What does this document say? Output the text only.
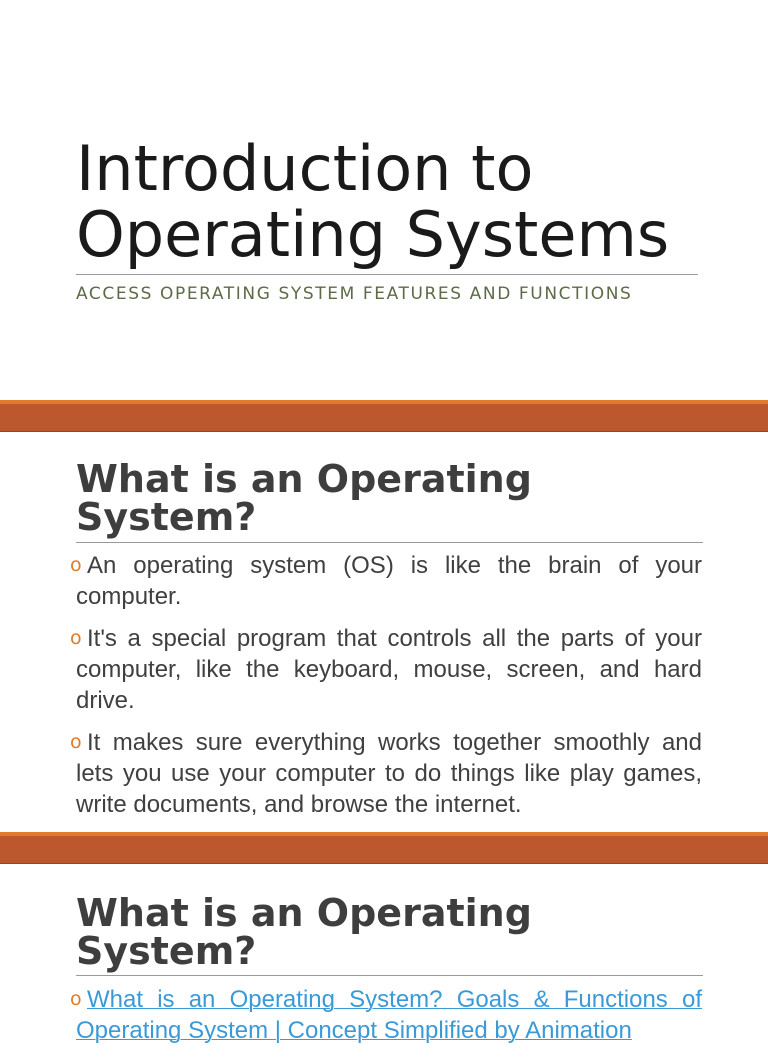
Introduction to Operating Systems
ACCESS OPERATING SYSTEM FEATURES AND FUNCTIONS
What is an Operating System?
o An operating system (OS) is like the brain of your computer.
o It's a special program that controls all the parts of your computer, like the keyboard, mouse, screen, and hard drive.
o It makes sure everything works together smoothly and lets you use your computer to do things like play games, write documents, and browse the internet.
What is an Operating System?
o What is an Operating System? Goals & Functions of Operating System | Concept Simplified by Animation
